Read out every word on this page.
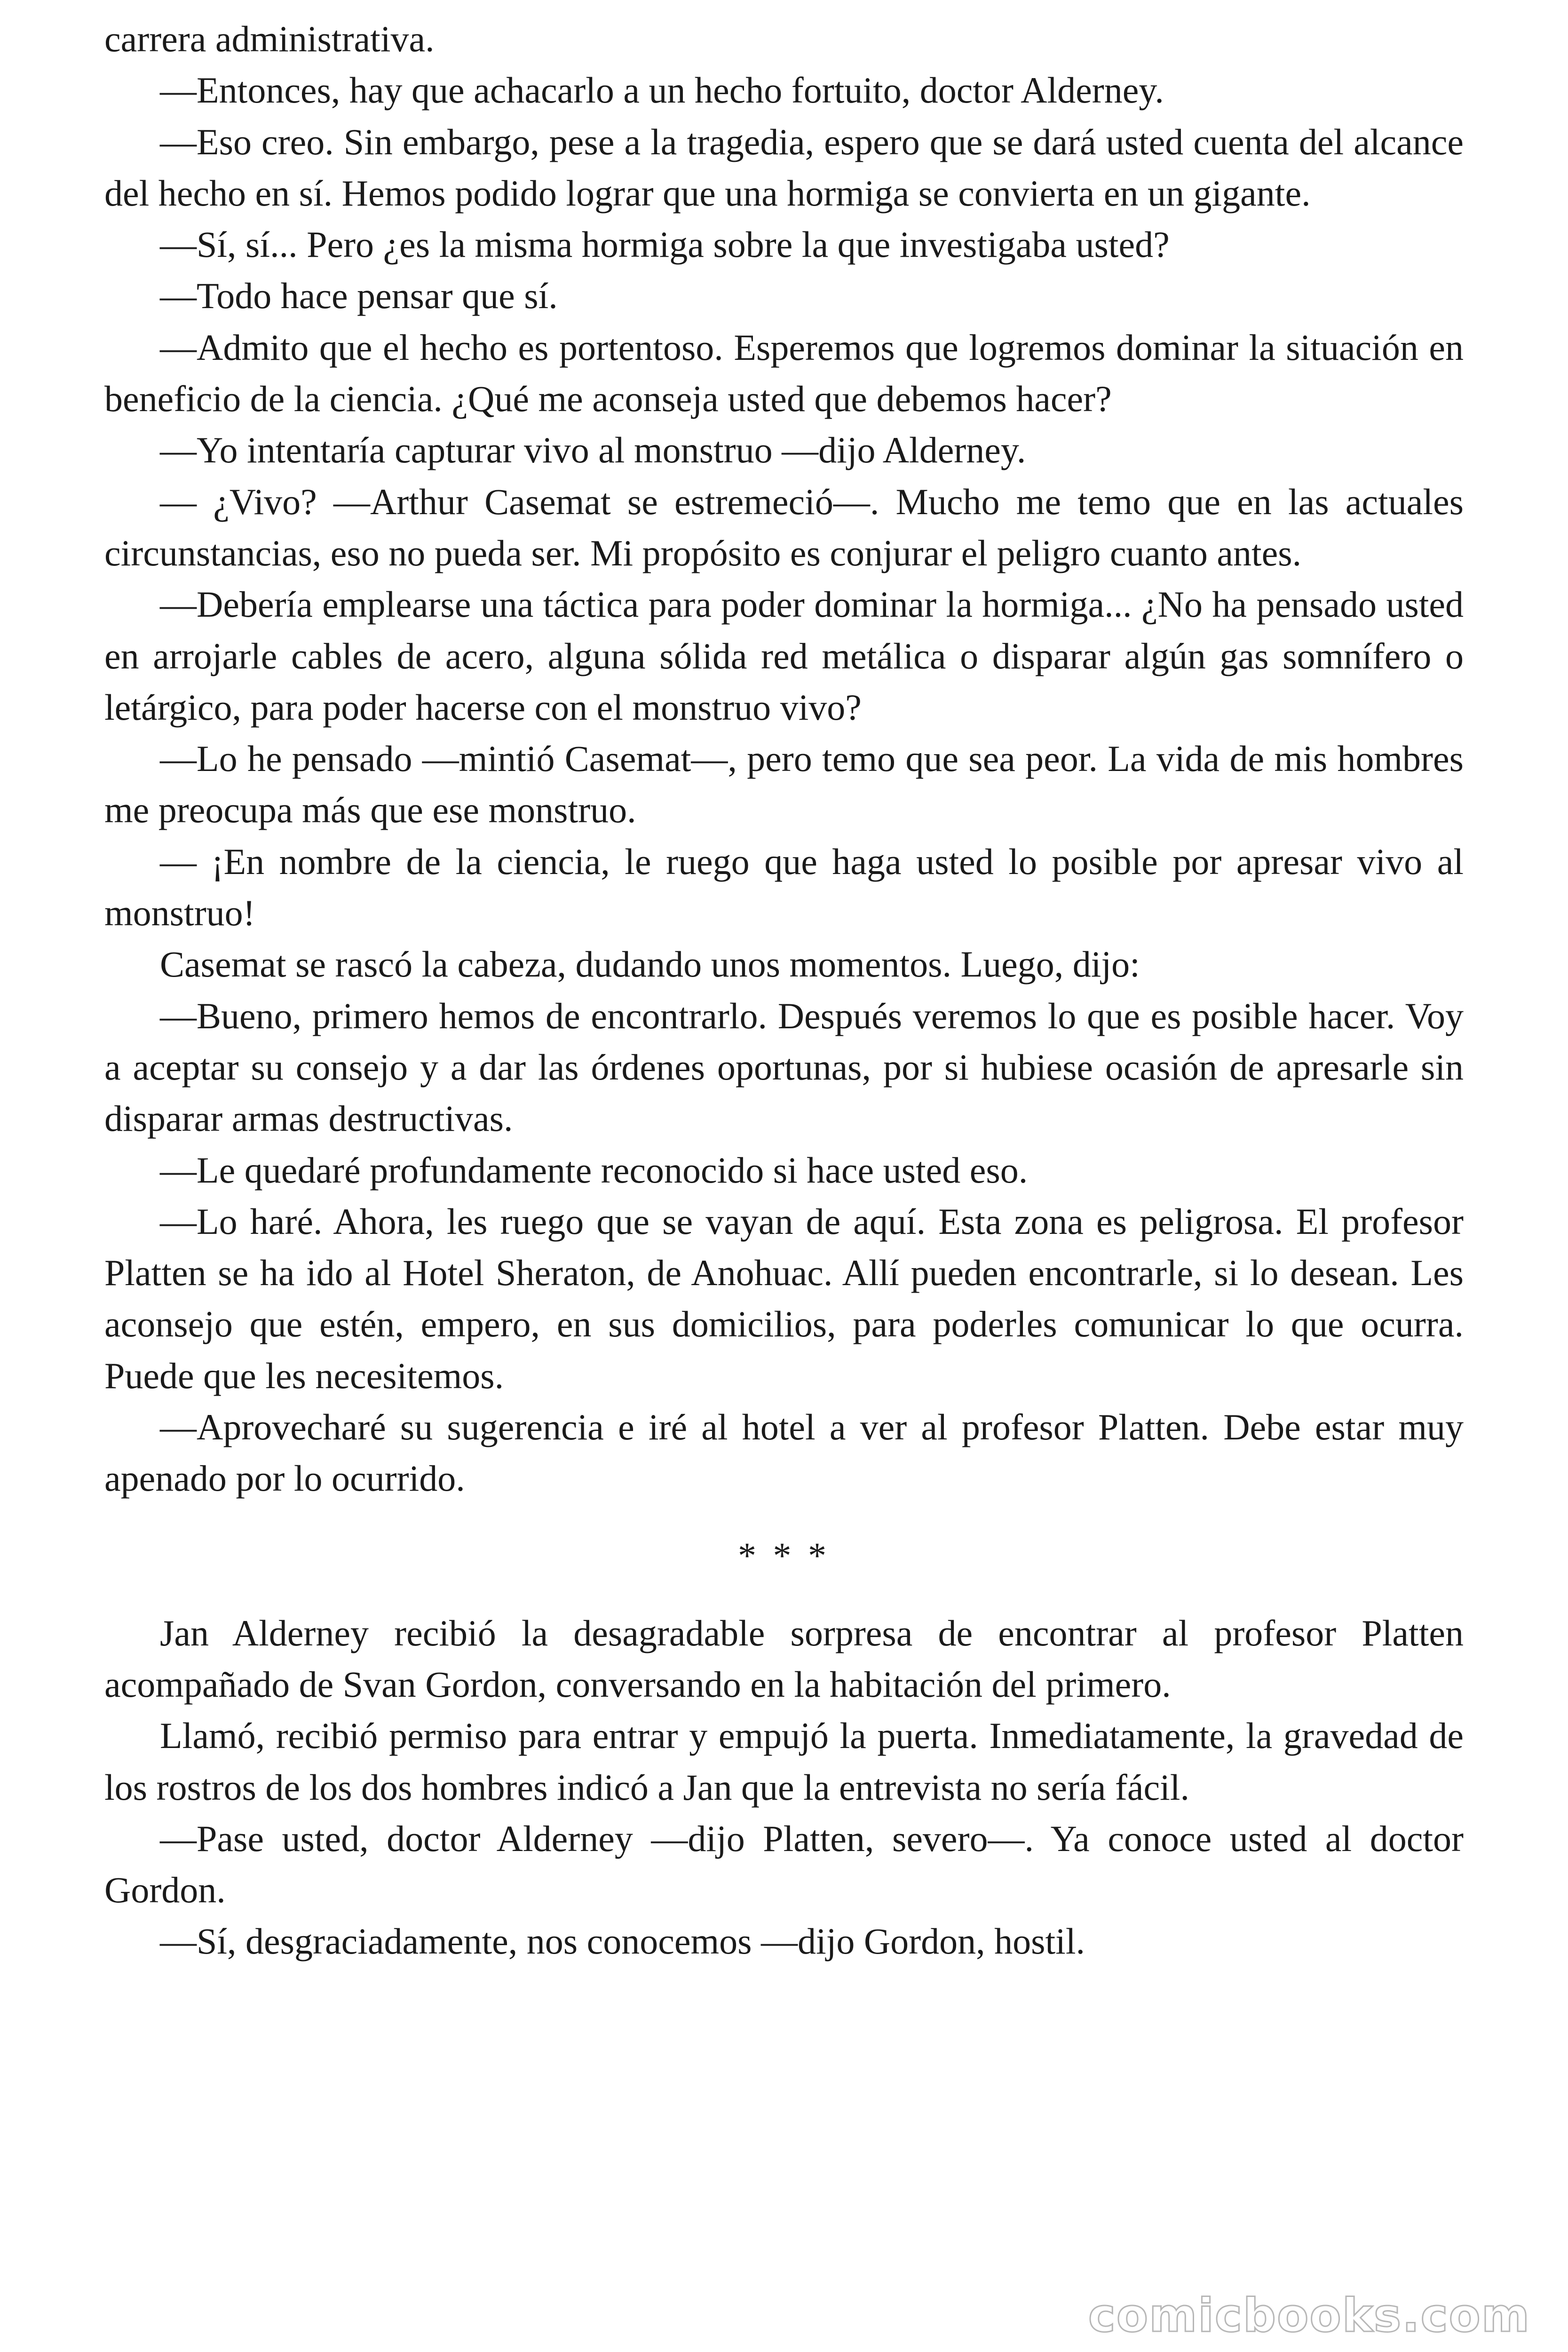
carrera administrativa.

—Entonces, hay que achacarlo a un hecho fortuito, doctor Alderney.

—Eso creo. Sin embargo, pese a la tragedia, espero que se dará usted cuenta del alcance del hecho en sí. Hemos podido lograr que una hormiga se convierta en un gigante.

—Sí, sí... Pero ¿es la misma hormiga sobre la que investigaba usted?

—Todo hace pensar que sí.

—Admito que el hecho es portentoso. Esperemos que logremos dominar la situación en beneficio de la ciencia. ¿Qué me aconseja usted que debemos hacer?

—Yo intentaría capturar vivo al monstruo —dijo Alderney.

— ¿Vivo? —Arthur Casemat se estremeció—. Mucho me temo que en las actuales circunstancias, eso no pueda ser. Mi propósito es conjurar el peligro cuanto antes.

—Debería emplearse una táctica para poder dominar la hormiga... ¿No ha pensado usted en arrojarle cables de acero, alguna sólida red metálica o disparar algún gas somnífero o letárgico, para poder hacerse con el monstruo vivo?

—Lo he pensado —mintió Casemat—, pero temo que sea peor. La vida de mis hombres me preocupa más que ese monstruo.

— ¡En nombre de la ciencia, le ruego que haga usted lo posible por apresar vivo al monstruo!

Casemat se rascó la cabeza, dudando unos momentos. Luego, dijo:

—Bueno, primero hemos de encontrarlo. Después veremos lo que es posible hacer. Voy a aceptar su consejo y a dar las órdenes oportunas, por si hubiese ocasión de apresarle sin disparar armas destructivas.

—Le quedaré profundamente reconocido si hace usted eso.

—Lo haré. Ahora, les ruego que se vayan de aquí. Esta zona es peligrosa. El profesor Platten se ha ido al Hotel Sheraton, de Anohuac. Allí pueden encontrarle, si lo desean. Les aconsejo que estén, empero, en sus domicilios, para poderles comunicar lo que ocurra. Puede que les necesitemos.

—Aprovecharé su sugerencia e iré al hotel a ver al profesor Platten. Debe estar muy apenado por lo ocurrido.

* * *

Jan Alderney recibió la desagradable sorpresa de encontrar al profesor Platten acompañado de Svan Gordon, conversando en la habitación del primero.

Llamó, recibió permiso para entrar y empujó la puerta. Inmediatamente, la gravedad de los rostros de los dos hombres indicó a Jan que la entrevista no sería fácil.

—Pase usted, doctor Alderney —dijo Platten, severo—. Ya conoce usted al doctor Gordon.

—Sí, desgraciadamente, nos conocemos —dijo Gordon, hostil.

comicbooks.com
